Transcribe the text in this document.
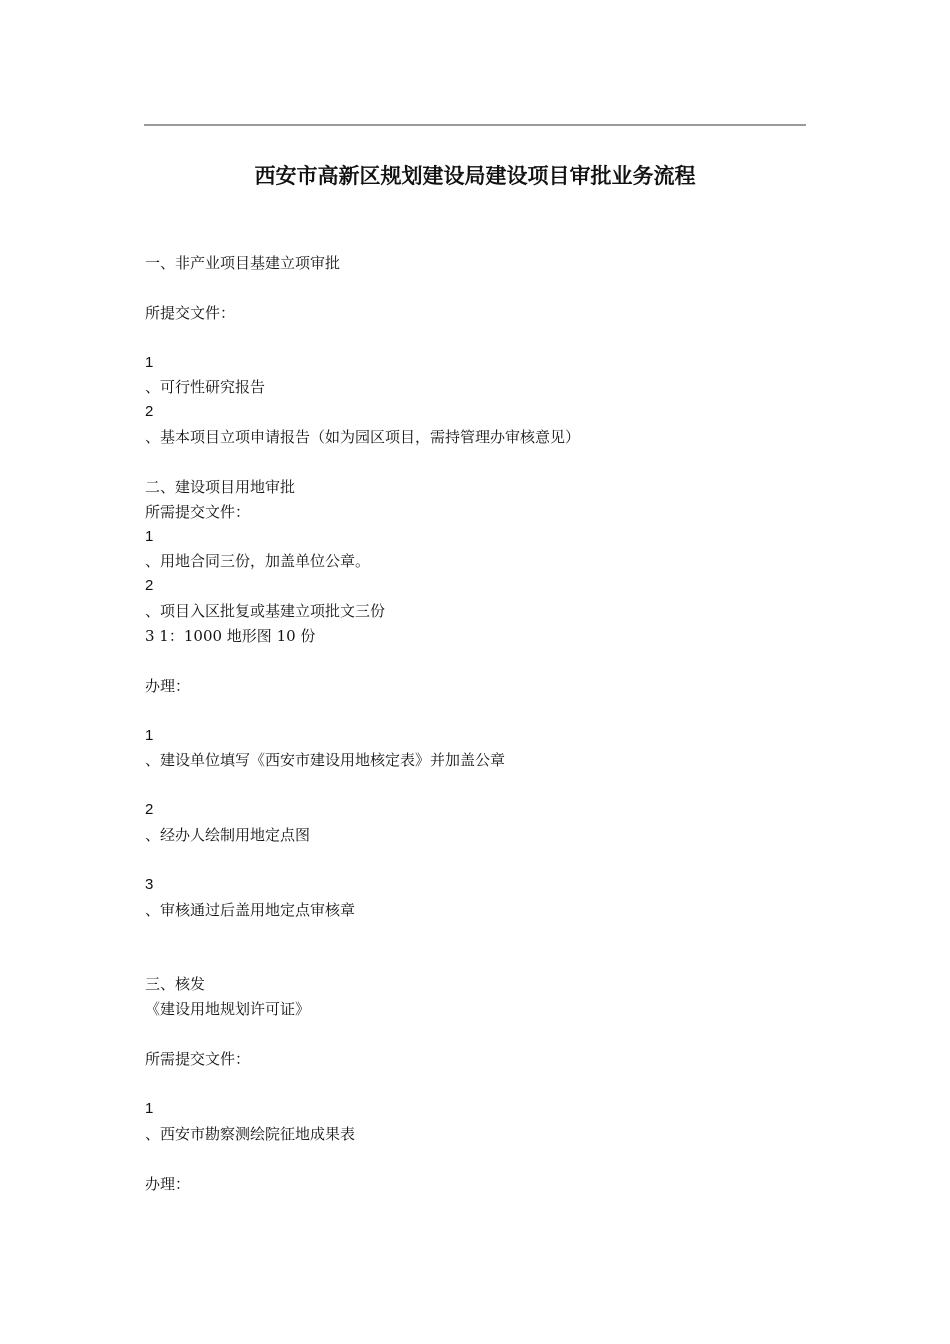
西安市高新区规划建设局建设项目审批业务流程
一、非产业项目基建立项审批
所提交文件：
1
、可行性研究报告
2
、基本项目立项申请报告（如为园区项目，需持管理办审核意见）
二、建设项目用地审批
所需提交文件：
1
、用地合同三份，加盖单位公章。
2
、项目入区批复或基建立项批文三份
3 1：1000 地形图 10 份
办理：
1
、建设单位填写《西安市建设用地核定表》并加盖公章
2
、经办人绘制用地定点图
3
、审核通过后盖用地定点审核章
三、核发
《建设用地规划许可证》
所需提交文件：
1
、西安市勘察测绘院征地成果表
办理：
